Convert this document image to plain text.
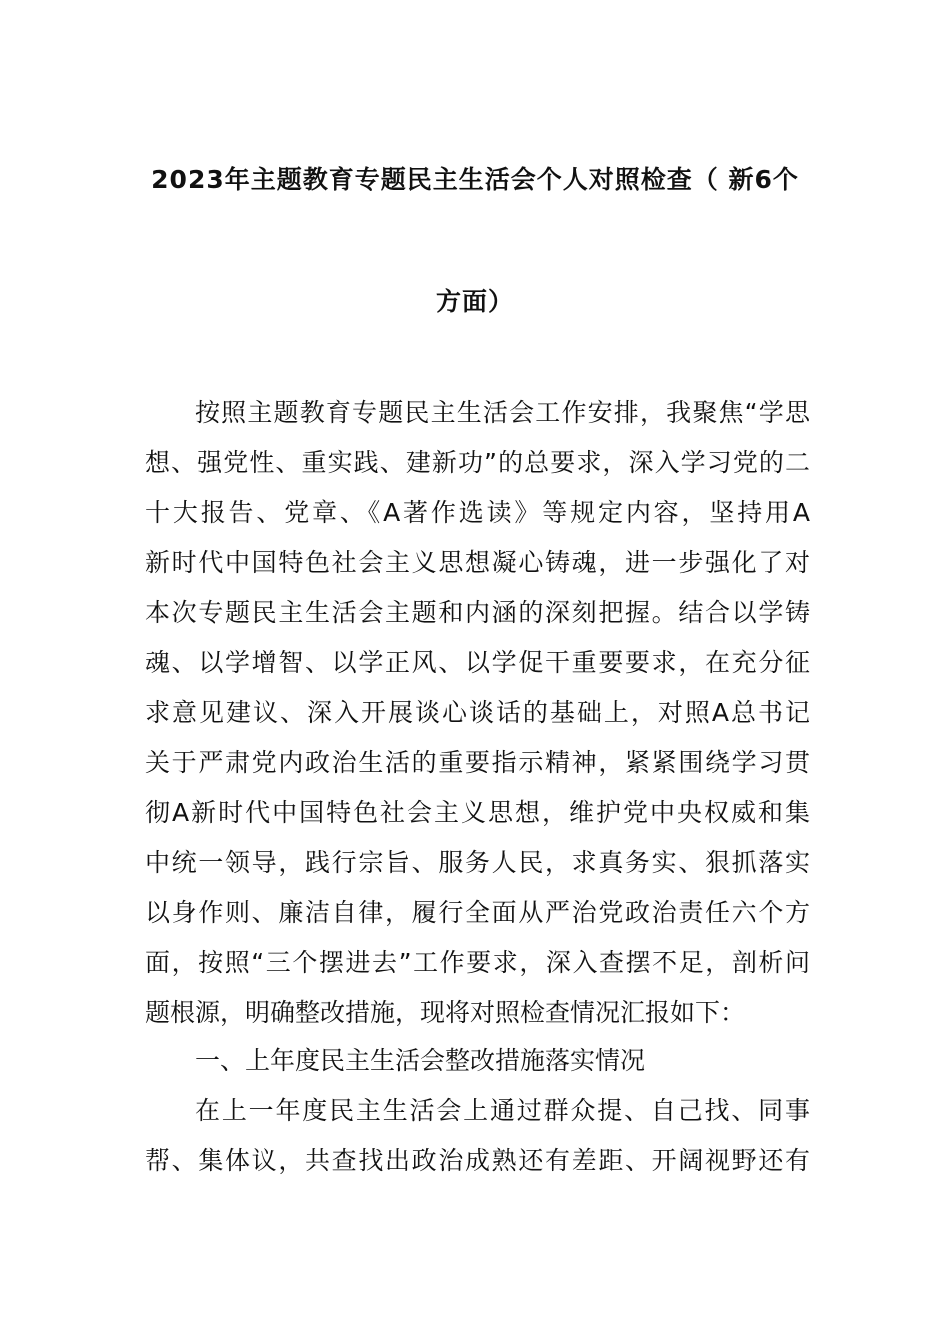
2023年主题教育专题民主生活会个人对照检查（ 新6个
方面）
按照主题教育专题民主生活会工作安排，我聚焦“学思
想、强党性、重实践、建新功”的总要求，深入学习党的二
十大报告、党章、《A著作选读》等规定内容，坚持用A
新时代中国特色社会主义思想凝心铸魂，进一步强化了对
本次专题民主生活会主题和内涵的深刻把握。结合以学铸
魂、以学增智、以学正风、以学促干重要要求，在充分征
求意见建议、深入开展谈心谈话的基础上，对照A总书记
关于严肃党内政治生活的重要指示精神，紧紧围绕学习贯
彻A新时代中国特色社会主义思想，维护党中央权威和集
中统一领导，践行宗旨、服务人民，求真务实、狠抓落实
以身作则、廉洁自律，履行全面从严治党政治责任六个方
面，按照“三个摆进去”工作要求，深入查摆不足，剖析问
题根源，明确整改措施，现将对照检查情况汇报如下：
一、上年度民主生活会整改措施落实情况
在上一年度民主生活会上通过群众提、自己找、同事
帮、集体议，共查找出政治成熟还有差距、开阔视野还有
